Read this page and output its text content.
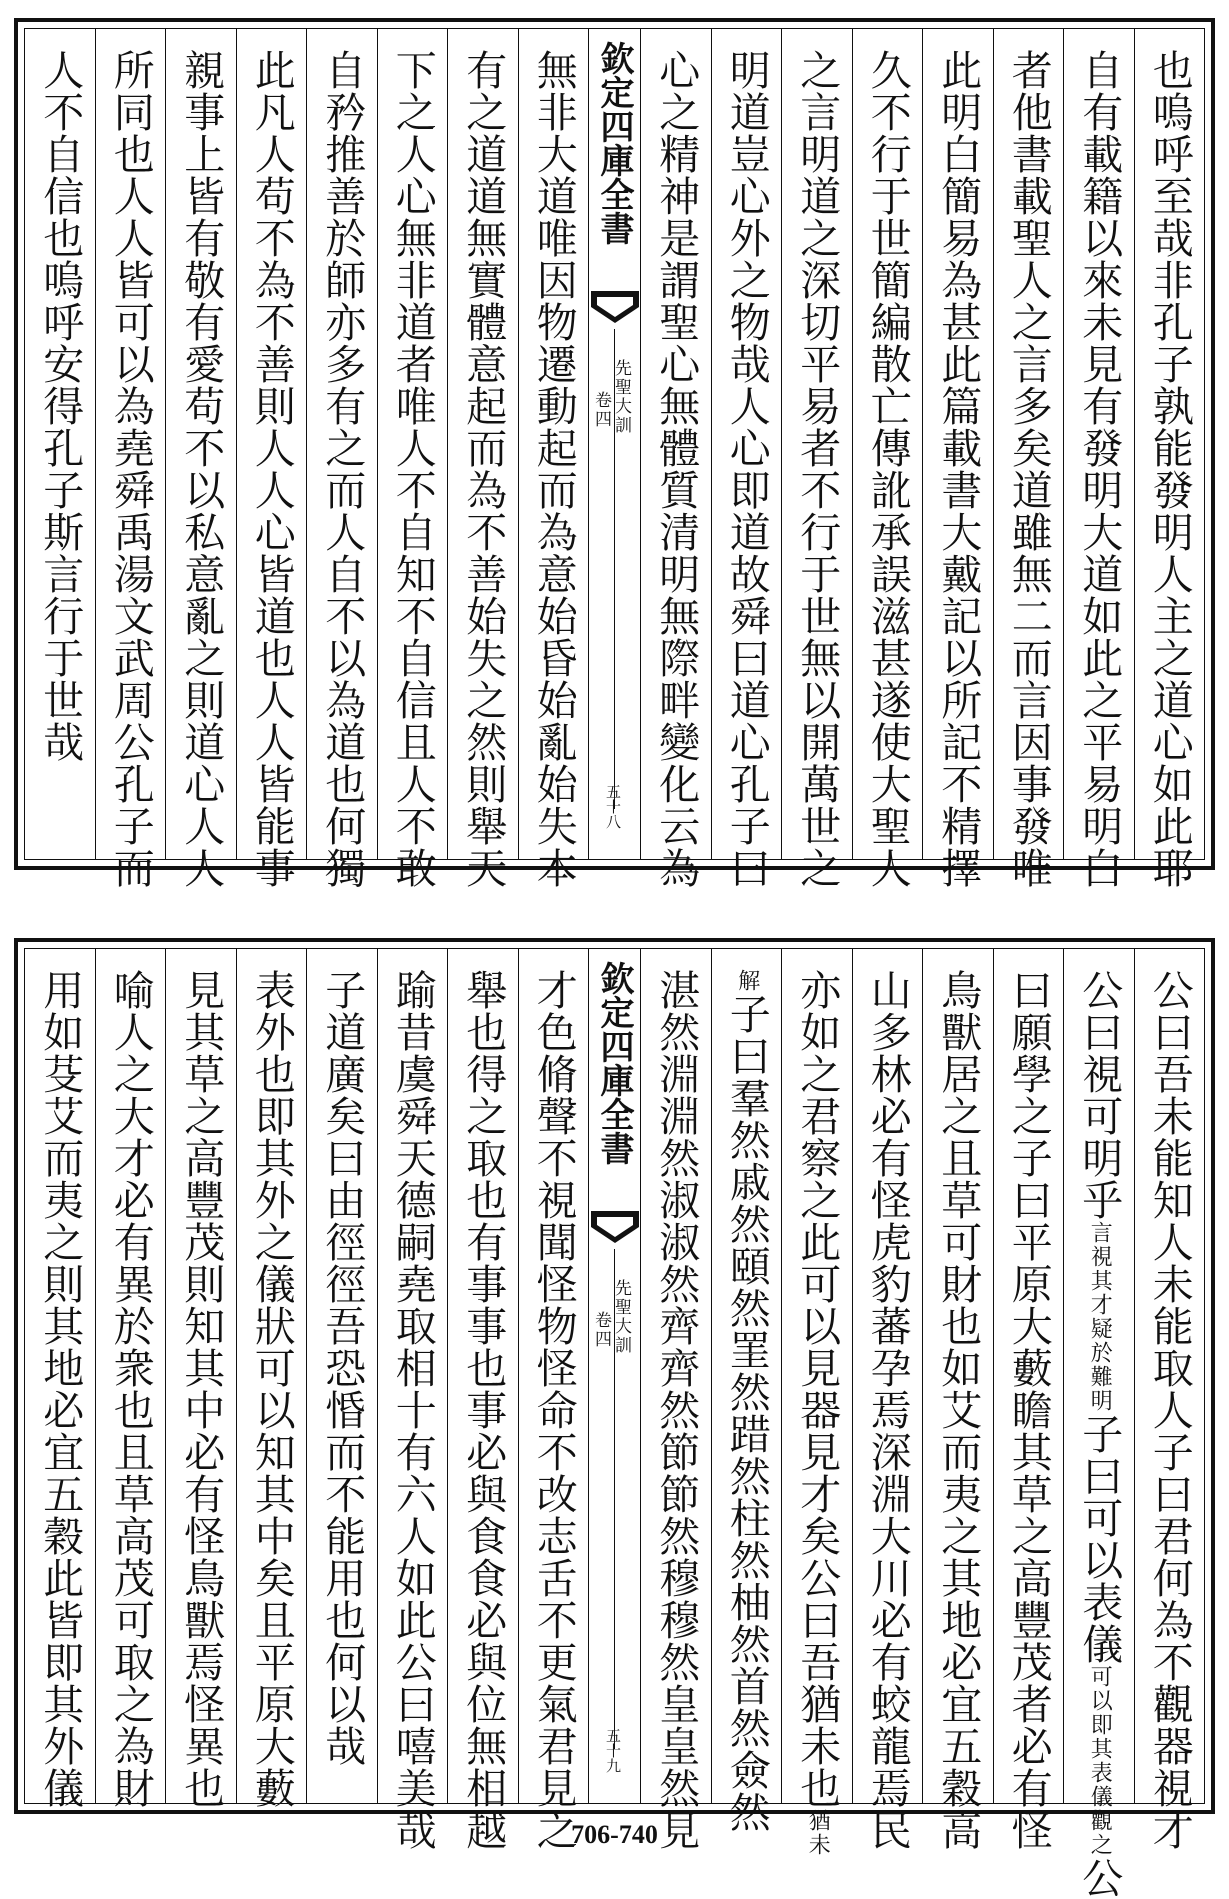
也嗚呼至哉非孔子孰能發明人主之道心如此耶
自有載籍以來未見有發明大道如此之平易明白
者他書載聖人之言多矣道雖無二而言因事發唯
此明白簡易為甚此篇載書大戴記以所記不精擇
久不行于世簡編散亡傳訛承誤滋甚遂使大聖人
之言明道之深切平易者不行于世無以開萬世之
明道豈心外之物哉人心即道故舜曰道心孔子曰
心之精神是謂聖心無體質清明無際畔變化云為
欽定四庫全書
先聖大訓
卷四
五十八
無非大道唯因物遷動起而為意始昏始亂始失本
有之道道無實體意起而為不善始失之然則舉天
下之人心無非道者唯人不自知不自信且人不敢
自矜推善於師亦多有之而人自不以為道也何獨
此凡人苟不為不善則人人心皆道也人人皆能事
親事上皆有敬有愛苟不以私意亂之則道心人人
所同也人人皆可以為堯舜禹湯文武周公孔子而
人不自信也嗚呼安得孔子斯言行于世哉
公曰吾未能知人未能取人子曰君何為不觀器視才
公曰視可明乎言視其才疑於難明子曰可以表儀可以即其表儀觀之公
曰願學之子曰平原大藪瞻其草之高豐茂者必有怪
鳥獸居之且草可財也如艾而夷之其地必宜五穀高
山多林必有怪虎豹蕃孕焉深淵大川必有蛟龍焉民
亦如之君察之此可以見器見才矣公曰吾猶未也猶未
解子曰羣然戚然頤然罣然踖然柱然柚然首然僉然
湛然淵淵然淑淑然齊齊然節節然穆穆然皇皇然見
欽定四庫全書
先聖大訓
卷四
五十九
才色脩聲不視聞怪物怪命不改志舌不更氣君見之
舉也得之取也有事事也事必與食食必與位無相越
踰昔虞舜天德嗣堯取相十有六人如此公曰嘻美哉
子道廣矣曰由徑徑吾恐惛而不能用也何以哉
表外也即其外之儀狀可以知其中矣且平原大藪
見其草之高豐茂則知其中必有怪鳥獸焉怪異也
喻人之大才必有異於衆也且草高茂可取之為財
用如芟艾而夷之則其地必宜五穀此皆即其外儀
706-740
